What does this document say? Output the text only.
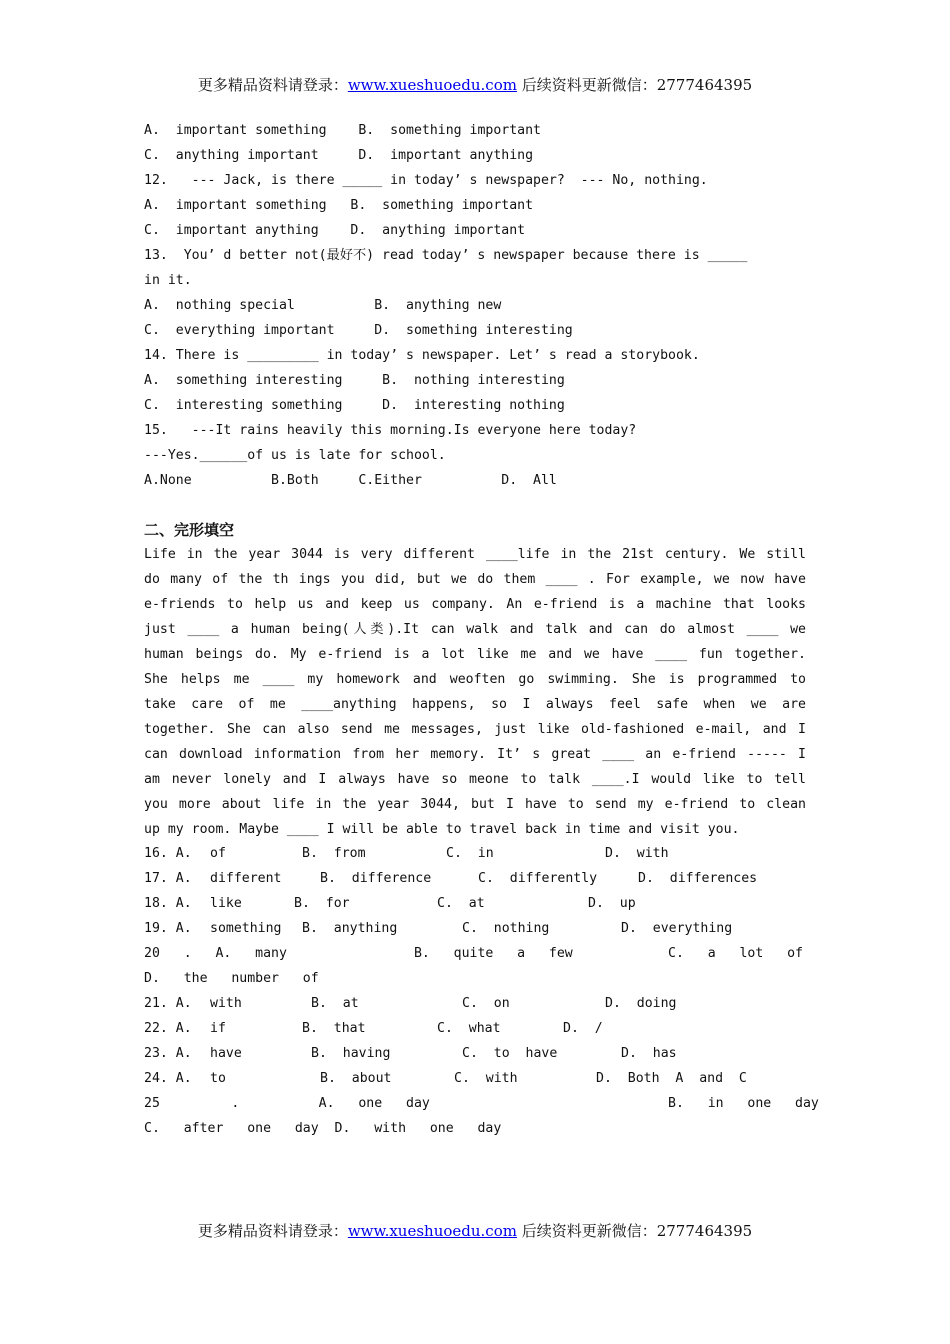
更多精品资料请登录：www.xueshuoedu.com 后续资料更新微信：2777464395
A.  important something    B.  something important
C.  anything important     D.  important anything
12.   --- Jack, is there _____ in today’ s newspaper?  --- No, nothing.
A.  important something   B.  something important
C.  important anything    D.  anything important
13.  You’ d better not(最好不) read today’ s newspaper because there is _____
in it.
A.  nothing special          B.  anything new
C.  everything important     D.  something interesting
14. There is _________ in today’ s newspaper. Let’ s read a storybook.
A.  something interesting     B.  nothing interesting
C.  interesting something     D.  interesting nothing
15.   ---It rains heavily this morning.Is everyone here today?
---Yes.______of us is late for school.
A.None          B.Both     C.Either          D.  All
二、完形填空
Life in the year 3044 is very different ____life in the 21st century. We still
do many of the th ings you did, but we do them ____ . For example, we now have
e-friends to help us and keep us company. An e-friend is a machine that looks
just ____ a human being(人类).It can walk and talk and can do almost ____ we
human beings do. My e-friend is a lot like me and we have ____ fun together.
She helps me ____ my homework and weoften go swimming. She is programmed to
take care of me ____anything happens, so I always feel safe when we are
together. She can also send me messages, just like old-fashioned e-mail, and I
can download information from her memory. It’ s great ____ an e-friend ----- I
am never lonely and I always have so meone to talk ____.I would like to tell
you more about life in the year 3044, but I have to send my e-friend to clean
up my room. Maybe ____ I will be able to travel back in time and visit you.
16. A. of	B.  from	C.  in	D.  with
17. A. different	B.  difference	C.  differently	D.  differences
18. A. like	B.  for	C.  at	D.  up
19. A. something B.  anything	C.  nothing	D.  everything
20   .   A.   many                B.   quite   a   few            C.   a   lot   of
D.   the   number   of
21. A. with	B.  at	C.  on	D.  doing
22. A. if	B.  that	C.  what	D.  /
23. A. have	B.  having	C.  to  have	D.  has
24. A. to	B.  about	C.  with	D.  Both  A  and  C
25         .          A.   one   day                              B.   in   one   day
C.   after   one   day  D.   with   one   day
更多精品资料请登录：www.xueshuoedu.com 后续资料更新微信：2777464395
